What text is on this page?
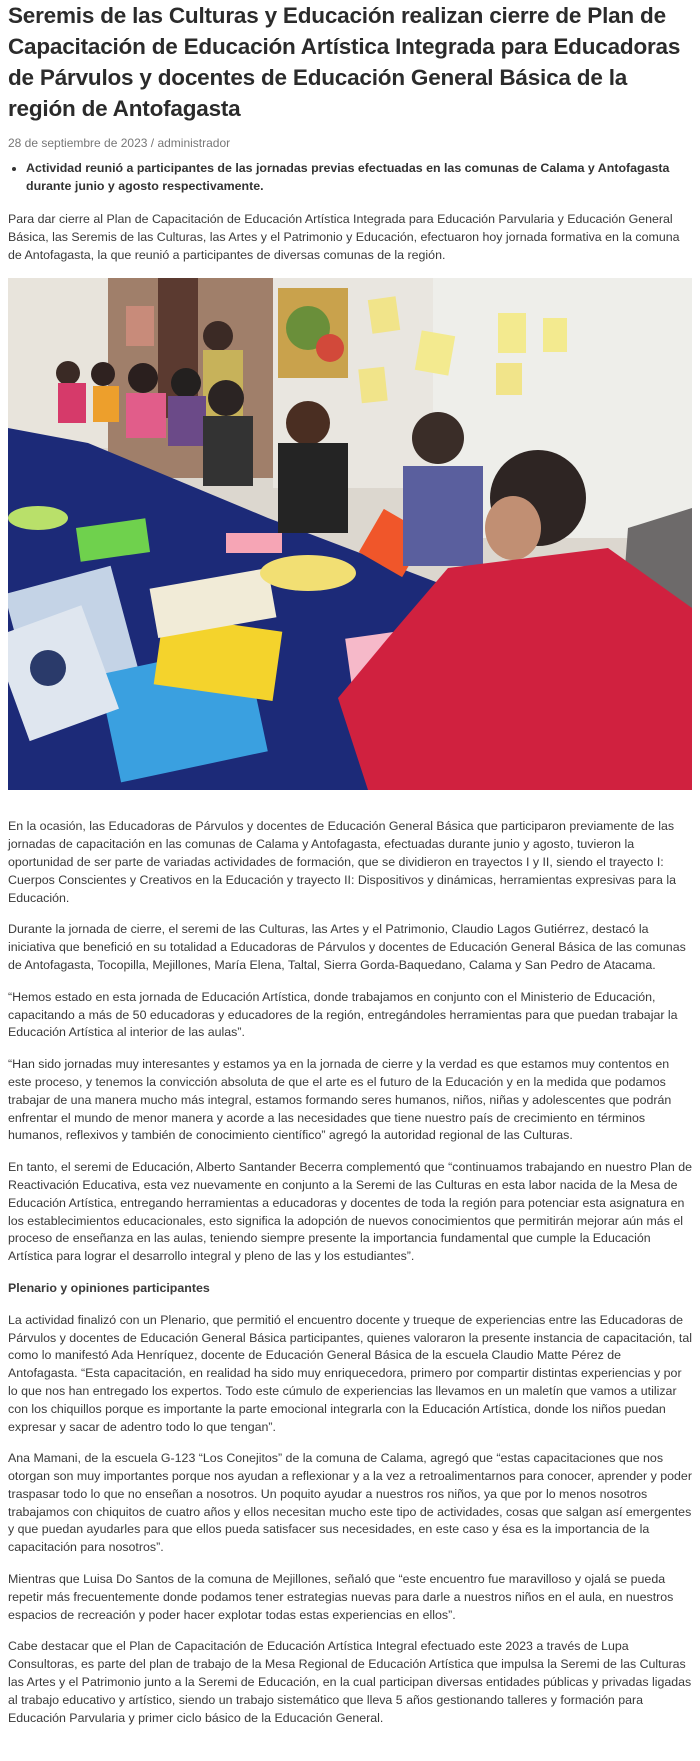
Seremis de las Culturas y Educación realizan cierre de Plan de Capacitación de Educación Artística Integrada para Educadoras de Párvulos y docentes de Educación General Básica de la región de Antofagasta
28 de septiembre de 2023 / administrador
• Actividad reunió a participantes de las jornadas previas efectuadas en las comunas de Calama y Antofagasta durante junio y agosto respectivamente.

Para dar cierre al Plan de Capacitación de Educación Artística Integrada para Educación Parvularia y Educación General Básica, las Seremis de las Culturas, las Artes y el Patrimonio y Educación, efectuaron hoy jornada formativa en la comuna de Antofagasta, la que reunió a participantes de diversas comunas de la región.

En la ocasión, las Educadoras de Párvulos y docentes de Educación General Básica que participaron previamente de las jornadas de capacitación en las comunas de Calama y Antofagasta, efectuadas durante junio y agosto, tuvieron la oportunidad de ser parte de variadas actividades de formación, que se dividieron en trayectos I y II, siendo el trayecto I: Cuerpos Conscientes y Creativos en la Educación y trayecto II: Dispositivos y dinámicas, herramientas expresivas para la Educación.

Durante la jornada de cierre, el seremi de las Culturas, las Artes y el Patrimonio, Claudio Lagos Gutiérrez, destacó la iniciativa que benefició en su totalidad a Educadoras de Párvulos y docentes de Educación General Básica de las comunas de Antofagasta, Tocopilla, Mejillones, María Elena, Taltal, Sierra Gorda-Baquedano, Calama y San Pedro de Atacama.

“Hemos estado en esta jornada de Educación Artística, donde trabajamos en conjunto con el Ministerio de Educación, capacitando a más de 50 educadoras y educadores de la región, entregándoles herramientas para que puedan trabajar la Educación Artística al interior de las aulas”.

“Han sido jornadas muy interesantes y estamos ya en la jornada de cierre y la verdad es que estamos muy contentos en este proceso, y tenemos la convicción absoluta de que el arte es el futuro de la Educación y en la medida que podamos trabajar de una manera mucho más integral, estamos formando seres humanos, niños, niñas y adolescentes que podrán enfrentar el mundo de menor manera y acorde a las necesidades que tiene nuestro país de crecimiento en términos humanos, reflexivos y también de conocimiento científico” agregó la autoridad regional de las Culturas.

En tanto, el seremi de Educación, Alberto Santander Becerra complementó que “continuamos trabajando en nuestro Plan de Reactivación Educativa, esta vez nuevamente en conjunto a la Seremi de las Culturas en esta labor nacida de la Mesa de Educación Artística, entregando herramientas a educadoras y docentes de toda la región para potenciar esta asignatura en los establecimientos educacionales, esto significa la adopción de nuevos conocimientos que permitirán mejorar aún más el proceso de enseñanza en las aulas, teniendo siempre presente la importancia fundamental que cumple la Educación Artística para lograr el desarrollo integral y pleno de las y los estudiantes”.

Plenario y opiniones participantes

La actividad finalizó con un Plenario, que permitió el encuentro docente y trueque de experiencias entre las Educadoras de Párvulos y docentes de Educación General Básica participantes, quienes valoraron la presente instancia de capacitación, tal como lo manifestó Ada Henríquez, docente de Educación General Básica de la escuela Claudio Matte Pérez de Antofagasta. “Esta capacitación, en realidad ha sido muy enriquecedora, primero por compartir distintas experiencias y por lo que nos han entregado los expertos. Todo este cúmulo de experiencias las llevamos en un maletín que vamos a utilizar con los chiquillos porque es importante la parte emocional integrarla con la Educación Artística, donde los niños puedan expresar y sacar de adentro todo lo que tengan”.

Ana Mamani, de la escuela G-123 “Los Conejitos” de la comuna de Calama, agregó que “estas capacitaciones que nos otorgan son muy importantes porque nos ayudan a reflexionar y a la vez a retroalimentarnos para conocer, aprender y poder traspasar todo lo que no enseñan a nosotros. Un poquito ayudar a nuestros ros niños, ya que por lo menos nosotros trabajamos con chiquitos de cuatro años y ellos necesitan mucho este tipo de actividades, cosas que salgan así emergentes y que puedan ayudarles para que ellos pueda satisfacer sus necesidades, en este caso y ésa es la importancia de la capacitación para nosotros”.

Mientras que Luisa Do Santos de la comuna de Mejillones, señaló que “este encuentro fue maravilloso y ojalá se pueda repetir más frecuentemente donde podamos tener estrategias nuevas para darle a nuestros niños en el aula, en nuestros espacios de recreación y poder hacer explotar todas estas experiencias en ellos”.

Cabe destacar que el Plan de Capacitación de Educación Artística Integral efectuado este 2023 a través de Lupa Consultoras, es parte del plan de trabajo de la Mesa Regional de Educación Artística que impulsa la Seremi de las Culturas las Artes y el Patrimonio junto a la Seremi de Educación, en la cual participan diversas entidades públicas y privadas ligadas al trabajo educativo y artístico, siendo un trabajo sistemático que lleva 5 años gestionando talleres y formación para Educación Parvularia y primer ciclo básico de la Educación General.
